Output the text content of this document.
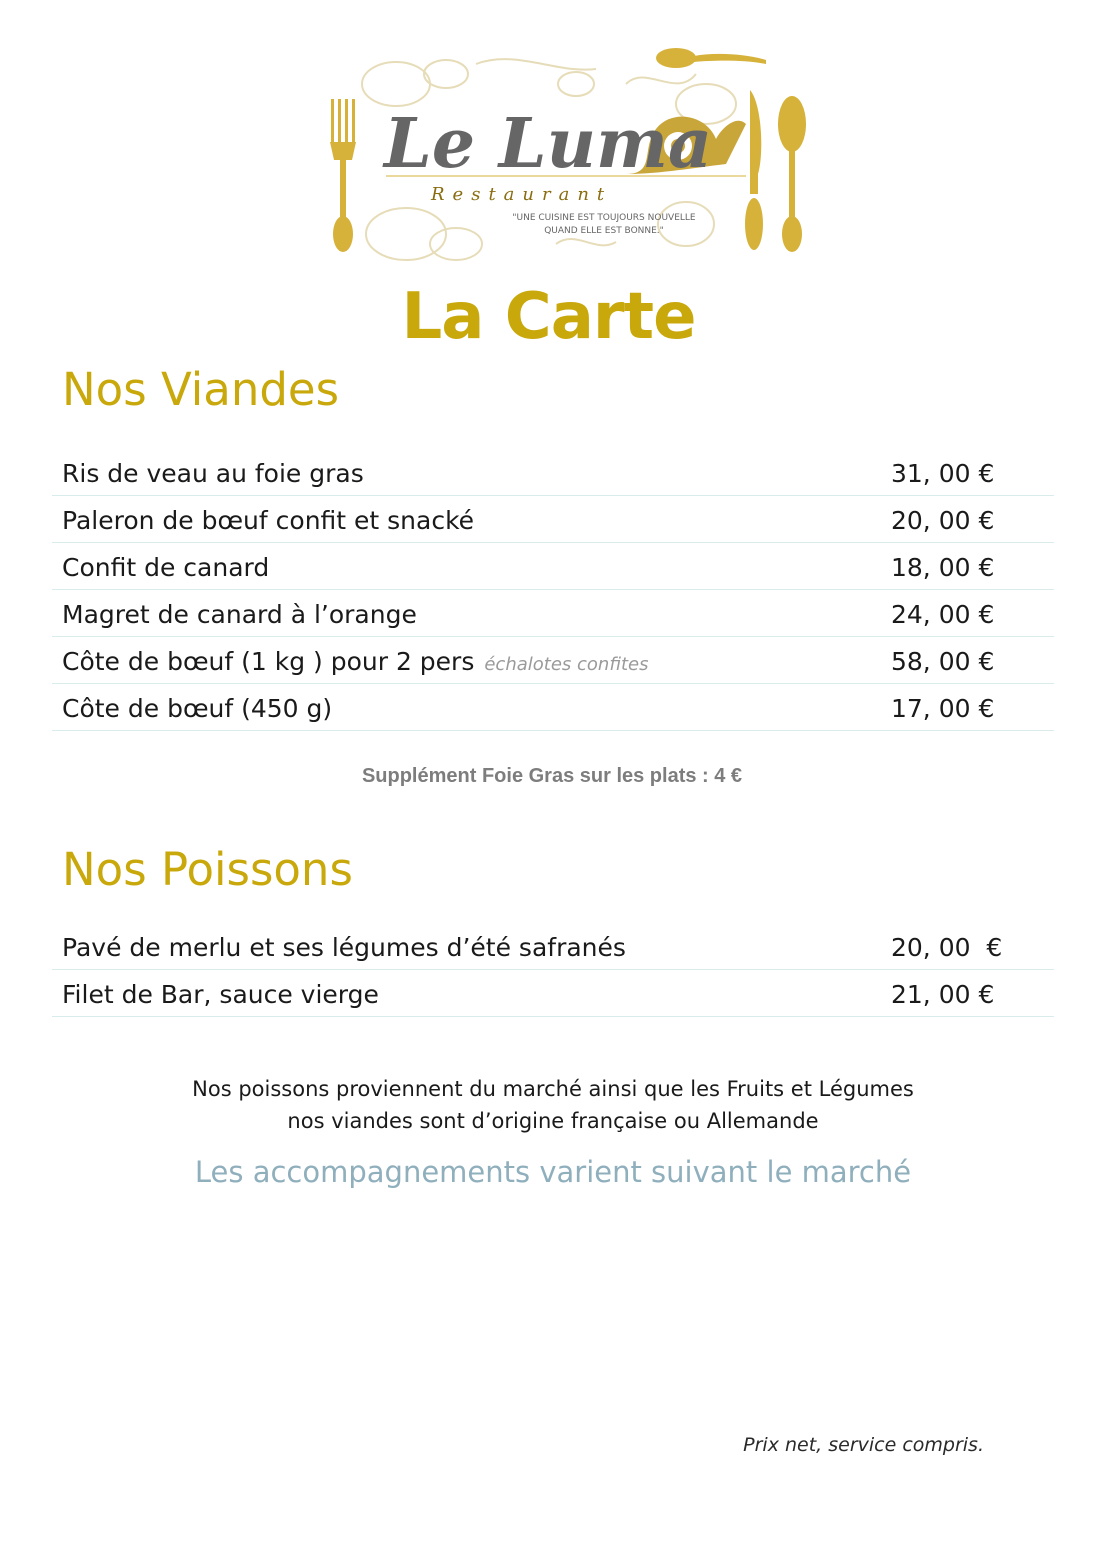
Le Luma
Restaurant
"UNE CUISINE EST TOUJOURS NOUVELLE
QUAND ELLE EST BONNE."
La Carte
Nos Viandes
Ris de veau au foie gras	31, 00 €
Paleron de bœuf confit et snacké	20, 00 €
Confit de canard	18, 00 €
Magret de canard à l’orange	24, 00 €
Côte de bœuf (1 kg ) pour 2 pers échalotes confites	58, 00 €
Côte de bœuf (450 g)	17, 00 €
Supplément Foie Gras sur les plats : 4 €
Nos Poissons
Pavé de merlu et ses légumes d’été safranés	20, 00  €
Filet de Bar, sauce vierge	21, 00 €
Nos poissons proviennent du marché ainsi que les Fruits et Légumes
nos viandes sont d’origine française ou Allemande
Les accompagnements varient suivant le marché
Prix net, service compris.
